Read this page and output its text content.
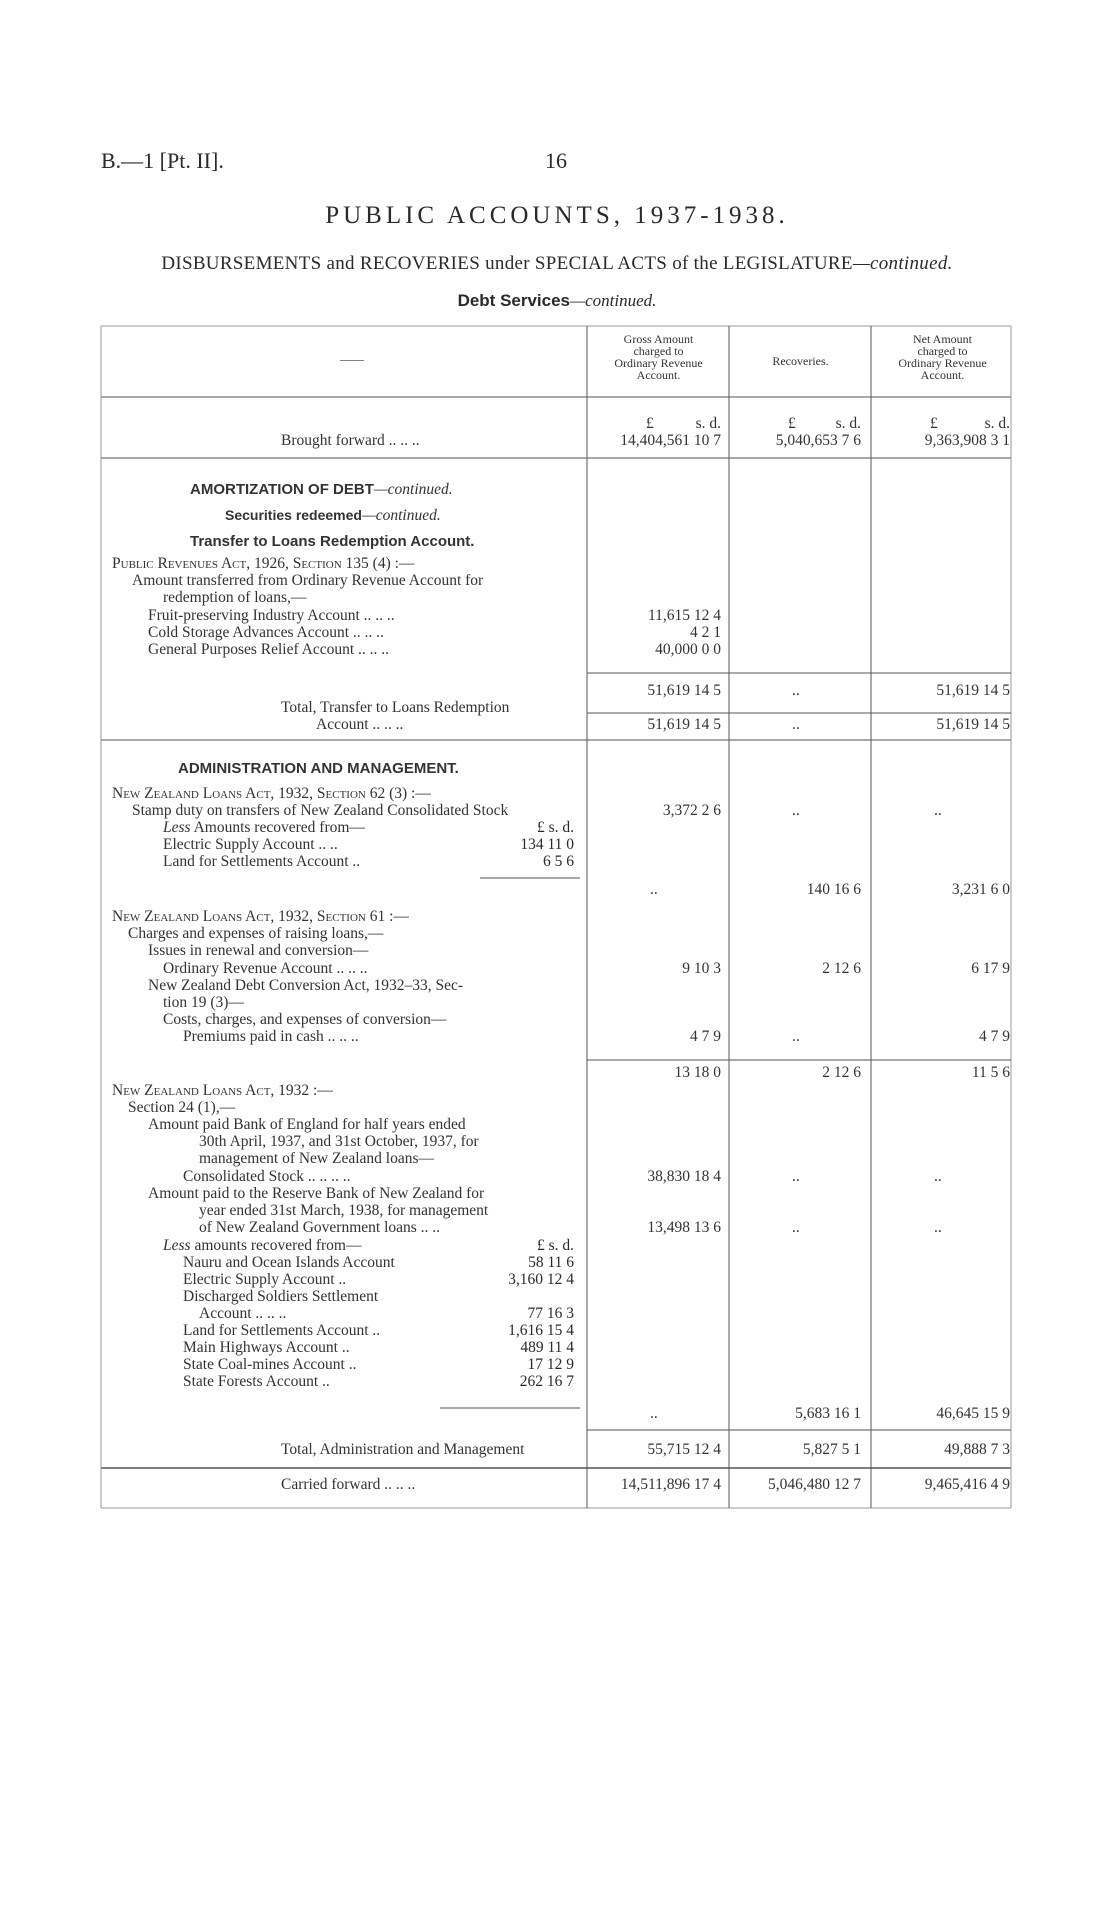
B.—1 [Pt. II].	16
PUBLIC ACCOUNTS, 1937-1938.
DISBURSEMENTS and RECOVERIES under SPECIAL ACTS of the LEGISLATURE—continued.
Debt Services—continued.
——
Gross Amount
charged to
Ordinary Revenue
Account.
Recoveries.
Net Amount
charged to
Ordinary Revenue
Account.
£	s. d.	£	s. d.	£	s. d.
Brought forward .. .. ..	14,404,561 10 7	5,040,653 7 6	9,363,908 3 1
AMORTIZATION OF DEBT—continued.
Securities redeemed—continued.
Transfer to Loans Redemption Account.
Public Revenues Act, 1926, Section 135 (4) :—
Amount transferred from Ordinary Revenue Account for
redemption of loans,—
Fruit-preserving Industry Account .. .. ..	11,615 12 4
Cold Storage Advances Account .. .. ..	4 2 1
General Purposes Relief Account .. .. ..	40,000 0 0
51,619 14 5	..	51,619 14 5
Total, Transfer to Loans Redemption
Account .. .. ..	51,619 14 5	..	51,619 14 5
ADMINISTRATION AND MANAGEMENT.
New Zealand Loans Act, 1932, Section 62 (3) :—
Stamp duty on transfers of New Zealand Consolidated Stock	3,372 2 6	..	..
Less Amounts recovered from—	£ s. d.
Electric Supply Account .. ..	134 11 0
Land for Settlements Account ..	6 5 6
..	140 16 6	3,231 6 0
New Zealand Loans Act, 1932, Section 61 :—
Charges and expenses of raising loans,—
Issues in renewal and conversion—
Ordinary Revenue Account .. .. ..	9 10 3	2 12 6	6 17 9
New Zealand Debt Conversion Act, 1932–33, Sec-
tion 19 (3)—
Costs, charges, and expenses of conversion—
Premiums paid in cash .. .. ..	4 7 9	..	4 7 9
13 18 0	2 12 6	11 5 6
New Zealand Loans Act, 1932 :—
Section 24 (1),—
Amount paid Bank of England for half years ended
30th April, 1937, and 31st October, 1937, for
management of New Zealand loans—
Consolidated Stock .. .. .. ..	38,830 18 4	..	..
Amount paid to the Reserve Bank of New Zealand for
year ended 31st March, 1938, for management
of New Zealand Government loans .. ..	13,498 13 6	..	..
Less amounts recovered from—	£ s. d.
Nauru and Ocean Islands Account	58 11 6
Electric Supply Account ..	3,160 12 4
Discharged Soldiers Settlement
Account .. .. ..	77 16 3
Land for Settlements Account ..	1,616 15 4
Main Highways Account ..	489 11 4
State Coal-mines Account ..	17 12 9
State Forests Account ..	262 16 7
..	5,683 16 1	46,645 15 9
Total, Administration and Management	55,715 12 4	5,827 5 1	49,888 7 3
Carried forward .. .. ..	14,511,896 17 4	5,046,480 12 7	9,465,416 4 9
